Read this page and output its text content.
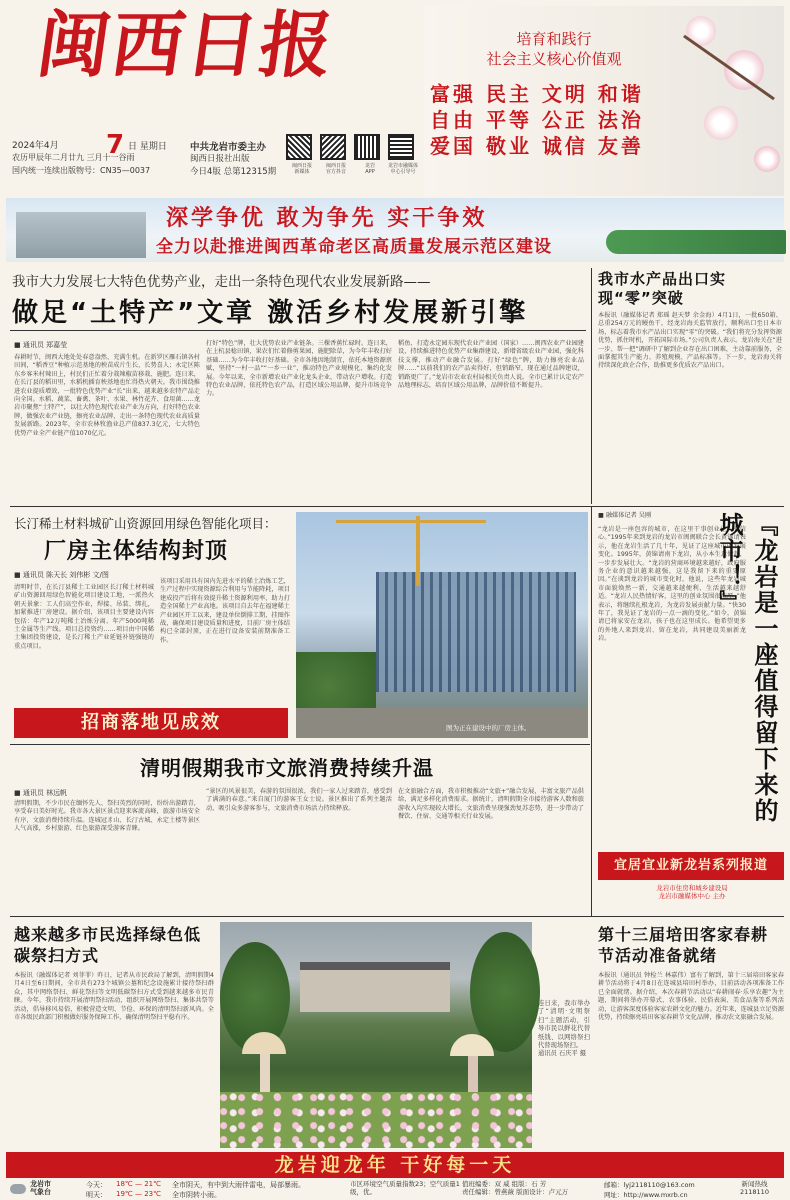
闽西日报
2024年4月	7 日 星期日
农历甲辰年二月廿九 三月十一谷雨
国内统一连续出版物号：CN35—0037
中共龙岩市委主办
闽西日报社出版
今日4版 总第12315期
闽西日报
新媒体
闽西日报
官方抖音
龙岩
APP
龙岩市融媒体
中心引导号
培育和践行
社会主义核心价值观
富强 民主 文明 和谐
自由 平等 公正 法治
爱国 敬业 诚信 友善
深学争优 敢为争先 实干争效
全力以赴推进闽西革命老区高质量发展示范区建设
我市大力发展七大特色优势产业，走出一条特色现代农业发展新路——
做足“土特产”文章 激活乡村发展新引擎
■ 通讯员 郑嘉莹
春耕时节，闽西大地处处春意盎然、充满生机。在新罗区雁石镇各村田间，“稻香豆”种植示范基地的秧苗成片生长，长势喜人；永定区陈东乡客米村辣田上，村民们正忙着分栽辣椒苗移栽、施肥。连日来，在长汀县的稻田里，水稻机插育秧基地也忙得热火朝天。我市围绕推进农业提质增效，一批特色优势产业“长”出来，越来越多农特产品走向全国。水稻、蔬菜、畜禽、茶叶、水果、林竹花卉、食用菌……龙岩市聚焦“土特产”，以壮大特色现代农业产业为方向，打好特色农业牌，做强农业产业链，擦亮农业品牌，走出一条特色现代农业高质量发展新路。2023年，全市农林牧渔业总产值837.3亿元，七大特色优势产业全产业链产值1070亿元。
打好“特色”牌，壮大优势农业产业链条。三棵香蕉忙碌时。连日来，在上杭县稔田镇，果农们忙着修剪果园，施肥除草，为今年丰收打好基础……为今年丰收打好基础。全市各地因地制宜，依托本地资源禀赋，坚持“一村一品”“一乡一业”，推动特色产业规模化、集约化发展。今年以来，全市新增农业产业化龙头企业，带动农户增收。打造特色农业品牌，依托特色农产品，打造区域公用品牌，提升市场竞争力。
稻鱼、打造永定园东现代农业产业园（国家）……闽西农业产业园建设，持续推进特色优势产业集群建设，新增省级农业产业园，强化科技支撑，推动产业融合发展。打好“绿色”牌，助力擦亮农业品牌……“以前我们的农产品卖得好，但销路窄，现在通过品牌建设，销路更广了。”龙岩市农业农村局相关负责人说。全市已累计认定农产品地理标志，培育区域公用品牌，品牌价值不断提升。
我市水产品出口实现“零”突破
本报讯（融媒体记者 郑瑶 赵天梦 余金海）4月1日，一批650箱、总重254万元的鳗鱼干，经龙岩海关监管放行，顺利出口至日本市场，标志着我市水产品出口实现“零”的突破。“我们将充分发挥资源优势，抓住时机，开拓国际市场。”公司负责人表示。龙岩海关在“进一步、帮一把”调研中了解到企业存在出口困难，主动靠前服务，全面掌握其生产能力、养殖规模、产品标准等。下一步，龙岩海关将持续深化政企合作，助推更多优质农产品出口。
长汀稀土材料城矿山资源回用绿色智能化项目：
厂房主体结构封顶
■ 通讯员 陈天长 刘伟彬 文/图
清明时节，在长汀县稀土工业园区长汀稀土材料城矿山资源回用绿色智能化项目建设工地，一派热火朝天景象：工人们高空作业，焊接、吊装、绑扎，加紧推进厂房建设。据介绍，该项目主要建设内容包括：年产12万吨稀土冶炼分离、年产5000吨稀土金属等生产线。项目总投资约……项目由中国稀土集团投资建设，是长汀稀土产业延链补链强链的重点项目。
该项目采用具有国内先进水平的稀土冶炼工艺，生产过程中实现资源综合利用与节能降耗，项目建成投产后将有效提升稀土资源利用率，助力打造全国稀土产业高地。该项目自去年在福建稀土产业园区开工以来，建设单位倒排工期、挂图作战，确保项目建设质量和进度，目前厂房主体结构已全部封顶，正在进行设备安装前期准备工作。
图为正在建设中的厂房主体。
招商落地见成效
■ 融媒体记者 吴刚
“龙岩是一座包容的城市，在这里干事创业让人有信心。”1995年来到龙岩的龙岩市闽闽联合会长黄锦请表示，他在龙岩生活了几十年，见证了这座城市的发展变化。1995年，黄锦请南下龙岩，从小本生意做起，一步步发展壮大。“龙岩的营商环境越来越好，政府服务企业的意识越来越强，这是我留下来的重要原因。”在谈到龙岩的城市变化时，他说，这些年龙岩城市面貌焕然一新，交通越来越便利，生活越来越舒适。“龙岩人民热情好客，这里的创业氛围很浓厚。”他表示，将继续扎根龙岩，为龙岩发展贡献力量。“快30年了，我见证了龙岩的一点一滴的变化。”如今，黄锦请已将家安在龙岩，孩子也在这里成长。他希望更多的外地人来到龙岩、留在龙岩，共同建设美丽新龙岩。	『龙岩是一座值得留下来的城市！』
宜居宜业新龙岩系列报道
龙岩市住房和城乡建设局
龙岩市融媒体中心 主办
清明假期我市文旅消费持续升温
■ 通讯员 林远帆
清明假期，不少市民在缅怀先人、祭扫英烈的同时，纷纷出游踏青，享受春日美好时光。我市各大景区景点迎来客流高峰，旅游市场安全有序，文旅消费持续升温。连城冠豸山、长汀古城、永定土楼等景区人气高涨，乡村旅游、红色旅游深受游客青睐。
“景区的风景很美，春游的氛围很浓，我们一家人过来踏青，感受到了满满的春意。”来自厦门的游客王女士说。景区推出了系列主题活动，吸引众多游客参与，文旅消费市场活力持续释放。
在文旅融合方面，我市积极推动“文旅+”融合发展，丰富文旅产品供给，满足多样化消费需求。据统计，清明假期全市接待游客人数和旅游收入均实现较大增长，文旅消费呈现强劲复苏态势，进一步带动了餐饮、住宿、交通等相关行业发展。
越来越多市民选择绿色低碳祭扫方式
本报讯（融媒体记者 刘菲菲）昨日，记者从市民政局了解到，清明假期4月4日至6日期间，全市共有273个城镇公墓和纪念设施累计接待祭扫群众，其中网络祭扫、鲜花祭扫等文明低碳祭扫方式受到越来越多市民青睐。今年，我市持续开展清明祭扫活动，组织开展网络祭扫、集体共祭等活动，倡导移风易俗，积极营造文明、节俭、环保的清明祭扫新风尚。全市各级民政部门积极做好服务保障工作，确保清明祭扫平稳有序。
连日来，我市举办了“清明·文明祭扫”主题活动，引导市民以鲜花代替纸钱、以网络祭扫代替现场祭扫。
通讯员 石庆平 摄
第十三届培田客家春耕节活动准备就绪
本报讯（通讯员 钟检兰 林嘉伟）富有了解到，第十三届培田客家春耕节活动将于4月8日在连城县培田村举办，目前活动各项准备工作已全面就绪。据介绍，本次春耕节活动以“春耕闹春·乐享农趣”为主题，期间将举办开幕式、农事体验、民俗表演、美食品鉴等系列活动，让游客深度体验客家农耕文化的魅力。近年来，连城县立足资源优势，持续擦亮培田客家春耕节文化品牌，推动农文旅融合发展。
龙岩迎龙年 干好每一天
龙岩市
气象台
今天： 18℃ — 21℃ 全市阴天，有中到大雨伴雷电，局部暴雨。
明天： 19℃ — 23℃ 全市阴转小雨。
市区环境空气质量指数23；空气质量1级，优。
值班编委：双 威 组版：石 芳
责任编辑：曾燕薇 版面设计：卢元万
邮箱：lyj2118110@163.com
网址：http://www.mxrb.cn
新闻热线
2118110
